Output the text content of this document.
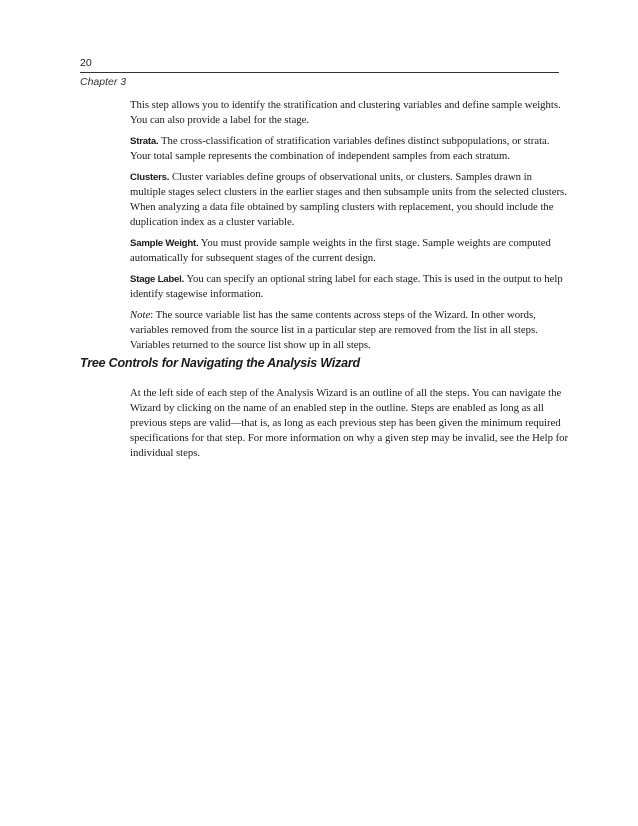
20
Chapter 3

This step allows you to identify the stratification and clustering variables and define sample weights. You can also provide a label for the stage.

Strata. The cross-classification of stratification variables defines distinct subpopulations, or strata. Your total sample represents the combination of independent samples from each stratum.

Clusters. Cluster variables define groups of observational units, or clusters. Samples drawn in multiple stages select clusters in the earlier stages and then subsample units from the selected clusters. When analyzing a data file obtained by sampling clusters with replacement, you should include the duplication index as a cluster variable.

Sample Weight. You must provide sample weights in the first stage. Sample weights are computed automatically for subsequent stages of the current design.

Stage Label. You can specify an optional string label for each stage. This is used in the output to help identify stagewise information.

Note: The source variable list has the same contents across steps of the Wizard. In other words, variables removed from the source list in a particular step are removed from the list in all steps. Variables returned to the source list show up in all steps.

Tree Controls for Navigating the Analysis Wizard

At the left side of each step of the Analysis Wizard is an outline of all the steps. You can navigate the Wizard by clicking on the name of an enabled step in the outline. Steps are enabled as long as all previous steps are valid—that is, as long as each previous step has been given the minimum required specifications for that step. For more information on why a given step may be invalid, see the Help for individual steps.
